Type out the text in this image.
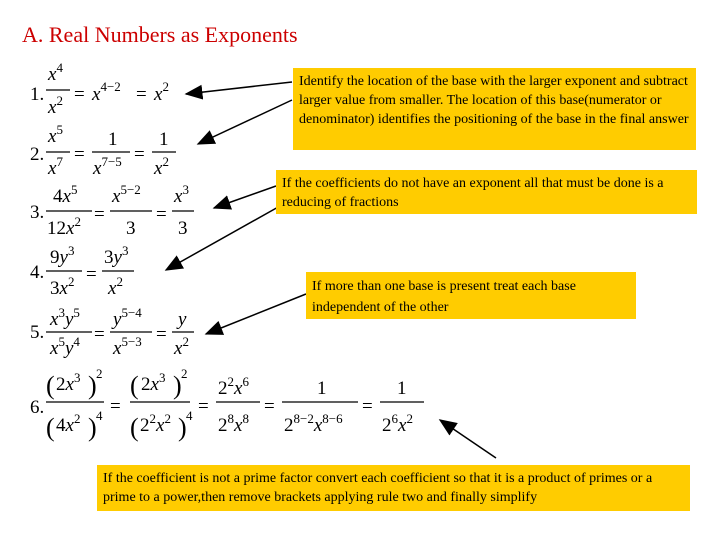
A. Real Numbers as Exponents
1.
2.
3.
4.
5.
6.
$x^4$
$x^2 = x^{4-2} = x^2$
$x^5$
$x^7$ =
1
$x^{7-5}$ =
1
$x^2$
$4x^5$
$12x^2$ =
$x^{5-2}$
3
=
$x^3$
3
$9y^3$
$3x^2$ =
$3y^3$
$x^2$
$x^3y^5$
$x^5y^4$ =
$y^{5-4}$
$x^{5-3}$ =
y
$x^2$
( $2x^3$ ) 2
( $4x^2$ ) 4 =
( $2x^3$ ) 2
( $2^2x^2$ ) 4 =
$2^2x^6$
$2^8x^8$
=
1
$2^{8-2}x^{8-6}$
=
1
$2^6x^2$
Identify the location of the base with the larger exponent and subtract larger value from smaller. The location of this base(numerator or denominator) identifies the positioning of the base in the final answer
If the coefficients do not have an exponent all that must be done is a reducing of fractions
If more than one base is present treat each base independent of the other
If the coefficient is not a prime factor convert each coefficient so that it is a product of primes or a prime to a power,then remove brackets applying rule two and finally simplify
